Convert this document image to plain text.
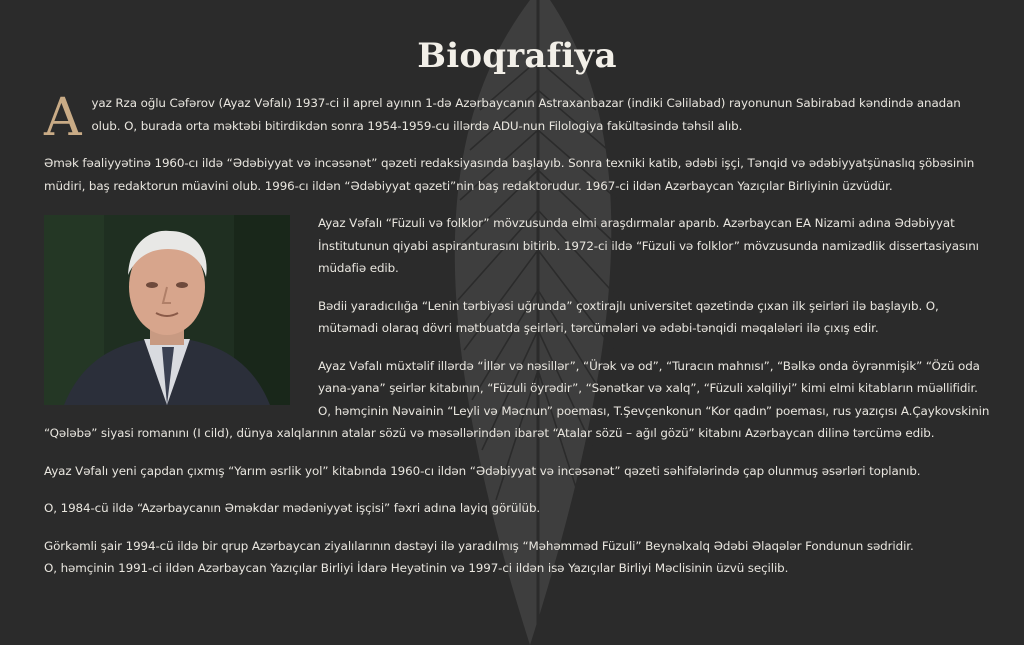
Bioqrafiya

Ayaz Rza oğlu Cəfərov (Ayaz Vəfalı) 1937-ci il aprel ayının 1-də Azərbaycanın Astraxanbazar (indiki Cəlilabad) rayonunun Sabirabad kəndində anadan olub. O, burada orta məktəbi bitirdikdən sonra 1954-1959-cu illərdə ADU-nun Filologiya fakültəsində təhsil alıb.

Əmək fəaliyyətinə 1960-cı ildə “Ədəbiyyat və incəsənət” qəzeti redaksiyasında başlayıb. Sonra texniki katib, ədəbi işçi, Tənqid və ədəbiyyatşünaslıq şöbəsinin müdiri, baş redaktorun müavini olub. 1996-cı ildən “Ədəbiyyat qəzeti”nin baş redaktorudur. 1967-ci ildən Azərbaycan Yazıçılar Birliyinin üzvüdür.

Ayaz Vəfalı “Füzuli və folklor” mövzusunda elmi araşdırmalar aparıb. Azərbaycan EA Nizami adına Ədəbiyyat İnstitutunun qiyabi aspiranturasını bitirib. 1972-ci ildə “Füzuli və folklor” mövzusunda namizədlik dissertasiyasını müdafiə edib.

Bədii yaradıcılığa “Lenin tərbiyəsi uğrunda” çoxtirajlı universitet qəzetində çıxan ilk şeirləri ilə başlayıb. O, mütəmadi olaraq dövri mətbuatda şeirləri, tərcümələri və ədəbi-tənqidi məqalələri ilə çıxış edir.

Ayaz Vəfalı müxtəlif illərdə “İllər və nəsillər”, “Ürək və od”, “Turacın mahnısı”, “Bəlkə onda öyrənmişik” “Özü oda yana-yana” şeirlər kitabının, “Füzuli öyrədir”, “Sənətkar və xalq”, “Füzuli xəlqiliyi” kimi elmi kitabların müəllifidir. O, həmçinin Nəvainin “Leyli və Məcnun” poeması, T.Şevçenkonun “Kor qadın” poeması, rus yazıçısı A.Çaykovskinin “Qələbə” siyasi romanını (I cild), dünya xalqlarının atalar sözü və məsəllərindən ibarət “Atalar sözü – ağıl gözü” kitabını Azərbaycan dilinə tərcümə edib.

Ayaz Vəfalı yeni çapdan çıxmış “Yarım əsrlik yol” kitabında 1960-cı ildən “Ədəbiyyat və incəsənət” qəzeti səhifələrində çap olunmuş əsərləri toplanıb.

O, 1984-cü ildə “Azərbaycanın Əməkdar mədəniyyət işçisi” fəxri adına layiq görülüb.

Görkəmli şair 1994-cü ildə bir qrup Azərbaycan ziyalılarının dəstəyi ilə yaradılmış “Məhəmməd Füzuli” Beynəlxalq Ədəbi Əlaqələr Fondunun sədridir.
O, həmçinin 1991-ci ildən Azərbaycan Yazıçılar Birliyi İdarə Heyətinin və 1997-ci ildən isə Yazıçılar Birliyi Məclisinin üzvü seçilib.
